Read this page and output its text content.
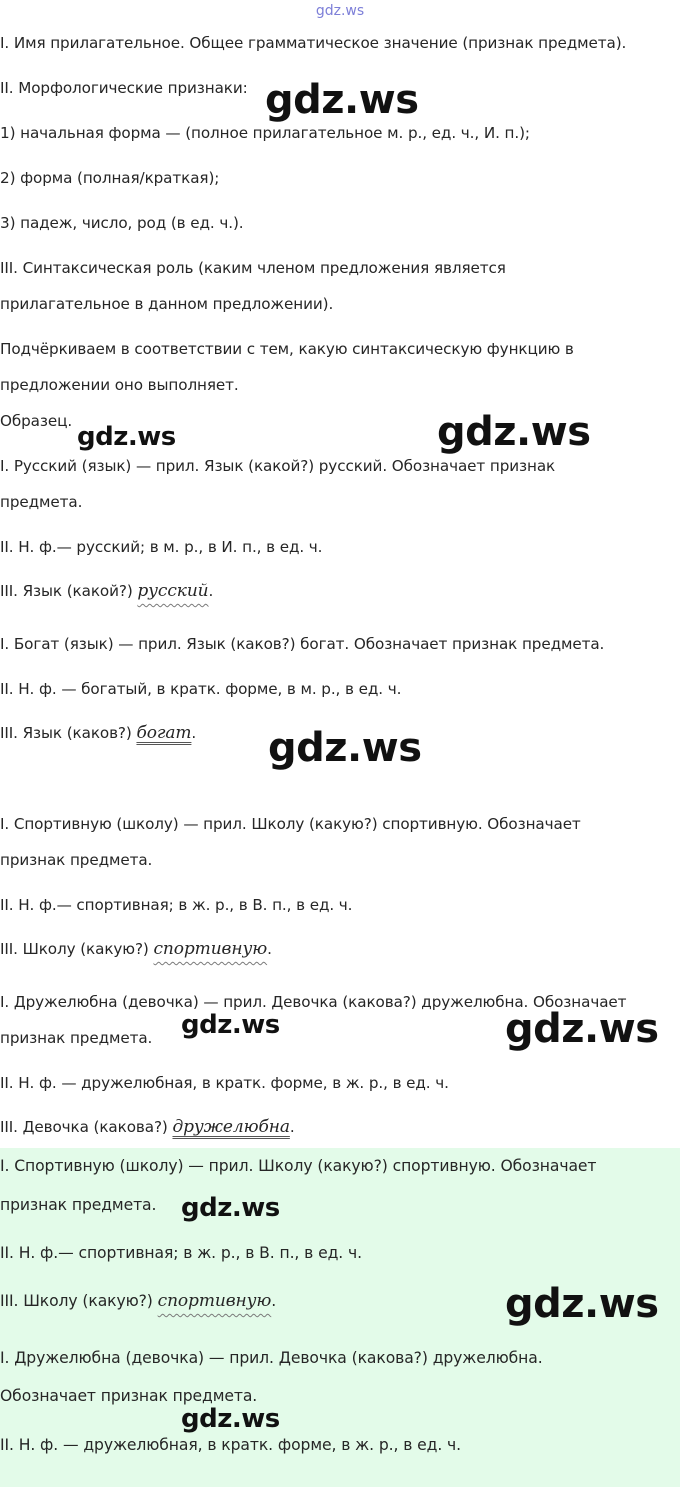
gdz.ws
I. Имя прилагательное. Общее грамматическое значение (признак предмета).
II. Морфологические признаки:
1) начальная форма — (полное прилагательное м. р., ед. ч., И. п.);
2) форма (полная/краткая);
3) падеж, число, род (в ед. ч.).
III. Синтаксическая роль (каким членом предложения является
прилагательное в данном предложении).
Подчёркиваем в соответствии с тем, какую синтаксическую функцию в
предложении оно выполняет.
Образец.
I. Русский (язык) — прил. Язык (какой?) русский. Обозначает признак
предмета.
II. Н. ф.— русский; в м. р., в И. п., в ед. ч.
III. Язык (какой?) русский.
I. Богат (язык) — прил. Язык (каков?) богат. Обозначает признак предмета.
II. Н. ф. — богатый, в кратк. форме, в м. р., в ед. ч.
III. Язык (каков?) богат.
I. Спортивную (школу) — прил. Школу (какую?) спортивную. Обозначает
признак предмета.
II. Н. ф.— спортивная; в ж. р., в В. п., в ед. ч.
III. Школу (какую?) спортивную.
I. Дружелюбна (девочка) — прил. Девочка (какова?) дружелюбна. Обозначает
признак предмета.
II. Н. ф. — дружелюбная, в кратк. форме, в ж. р., в ед. ч.
III. Девочка (какова?) дружелюбна.
I. Спортивную (школу) — прил. Школу (какую?) спортивную. Обозначает
признак предмета.
II. Н. ф.— спортивная; в ж. р., в В. п., в ед. ч.
III. Школу (какую?) спортивную.
I. Дружелюбна (девочка) — прил. Девочка (какова?) дружелюбна.
Обозначает признак предмета.
II. Н. ф. — дружелюбная, в кратк. форме, в ж. р., в ед. ч.
gdz.ws
gdz.ws	gdz.ws
gdz.ws
gdz.ws	gdz.ws
gdz.ws
gdz.ws
gdz.ws
